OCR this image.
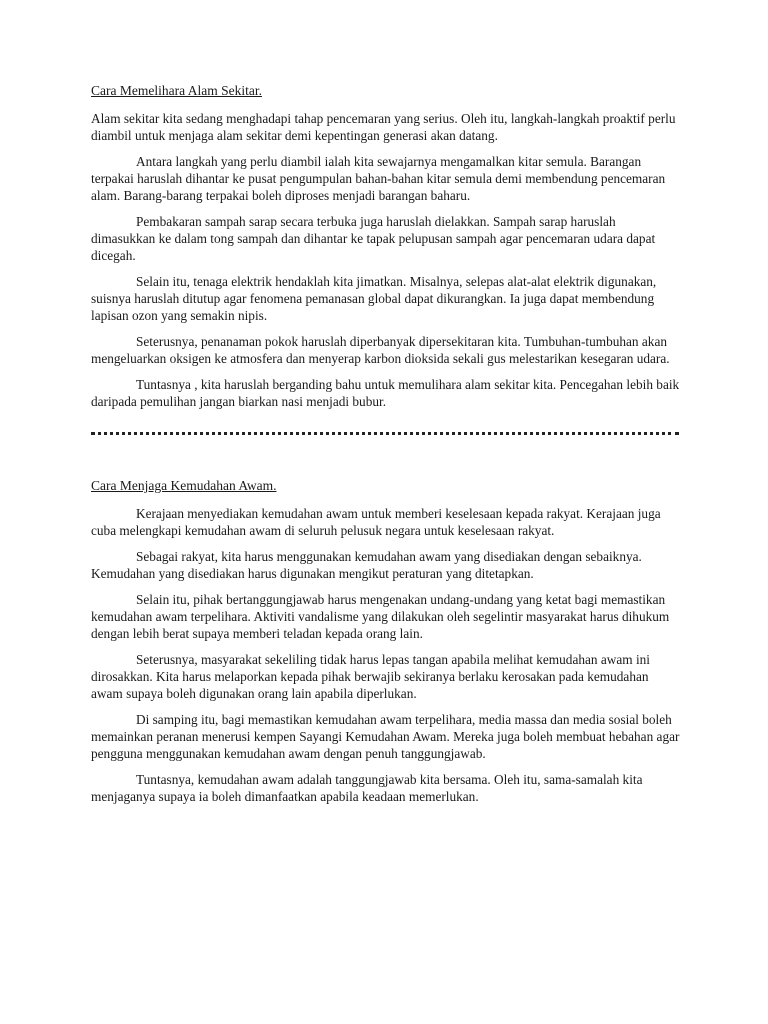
Cara Memelihara Alam Sekitar.

Alam sekitar kita sedang menghadapi tahap pencemaran yang serius. Oleh itu, langkah-langkah proaktif perlu diambil untuk menjaga alam sekitar demi kepentingan generasi akan datang.

Antara langkah yang perlu diambil ialah kita sewajarnya mengamalkan kitar semula. Barangan terpakai haruslah dihantar ke pusat pengumpulan bahan-bahan kitar semula demi membendung pencemaran alam. Barang-barang terpakai boleh diproses menjadi barangan baharu.

Pembakaran sampah sarap secara terbuka juga haruslah dielakkan. Sampah sarap haruslah dimasukkan ke dalam tong sampah dan dihantar ke tapak pelupusan sampah agar pencemaran udara dapat dicegah.

Selain itu, tenaga elektrik hendaklah kita jimatkan. Misalnya, selepas alat-alat elektrik digunakan, suisnya haruslah ditutup agar fenomena pemanasan global dapat dikurangkan. Ia juga dapat membendung lapisan ozon yang semakin nipis.

Seterusnya, penanaman pokok haruslah diperbanyak dipersekitaran kita. Tumbuhan-tumbuhan akan mengeluarkan oksigen ke atmosfera dan menyerap karbon dioksida sekali gus melestarikan kesegaran udara.

Tuntasnya , kita haruslah berganding bahu untuk memulihara alam sekitar kita. Pencegahan lebih baik daripada pemulihan jangan biarkan nasi menjadi bubur.

Cara Menjaga Kemudahan Awam.

Kerajaan menyediakan kemudahan awam untuk memberi keselesaan kepada rakyat. Kerajaan juga cuba melengkapi kemudahan awam di seluruh pelusuk negara untuk keselesaan rakyat.

Sebagai rakyat, kita harus menggunakan kemudahan awam yang disediakan dengan sebaiknya. Kemudahan yang disediakan harus digunakan mengikut peraturan yang ditetapkan.

Selain itu, pihak bertanggungjawab harus mengenakan undang-undang yang ketat bagi memastikan kemudahan awam terpelihara. Aktiviti vandalisme yang dilakukan oleh segelintir masyarakat harus dihukum dengan lebih berat supaya memberi teladan kepada orang lain.

Seterusnya, masyarakat sekeliling tidak harus lepas tangan apabila melihat kemudahan awam ini dirosakkan. Kita harus melaporkan kepada pihak berwajib sekiranya berlaku kerosakan pada kemudahan awam supaya boleh digunakan orang lain apabila diperlukan.

Di samping itu, bagi memastikan kemudahan awam terpelihara, media massa dan media sosial boleh memainkan peranan menerusi kempen Sayangi Kemudahan Awam. Mereka juga boleh membuat hebahan agar pengguna menggunakan kemudahan awam dengan penuh tanggungjawab.

Tuntasnya, kemudahan awam adalah tanggungjawab kita bersama. Oleh itu, sama-samalah kita menjaganya supaya ia boleh dimanfaatkan apabila keadaan memerlukan.
